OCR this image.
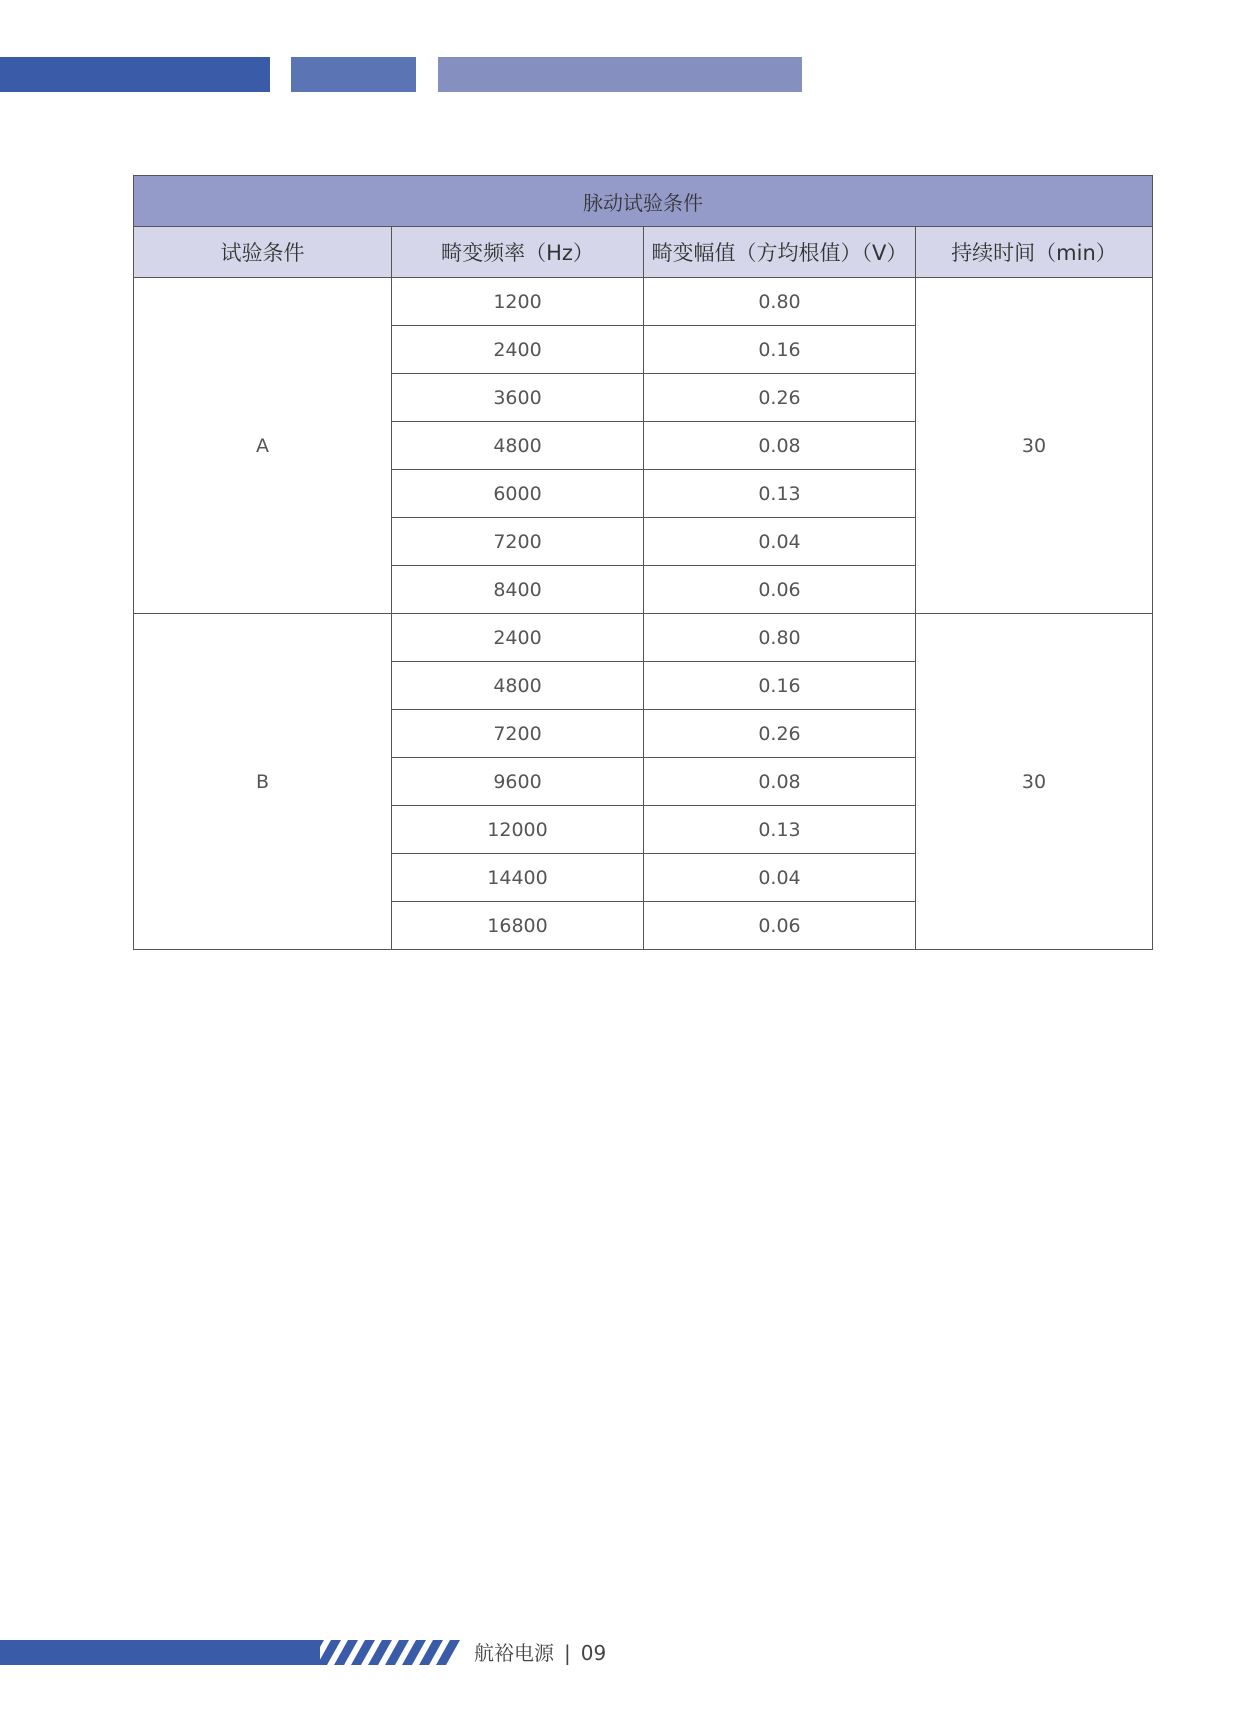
脉动试验条件			
试验条件	畸变频率（Hz）	畸变幅值（方均根值）（V）	持续时间（min）
A	1200	0.80	30
	2400	0.16	
	3600	0.26	
	4800	0.08	
	6000	0.13	
	7200	0.04	
	8400	0.06	
B	2400	0.80	30
	4800	0.16	
	7200	0.26	
	9600	0.08	
	12000	0.13	
	14400	0.04	
	16800	0.06	
航裕电源 | 09
